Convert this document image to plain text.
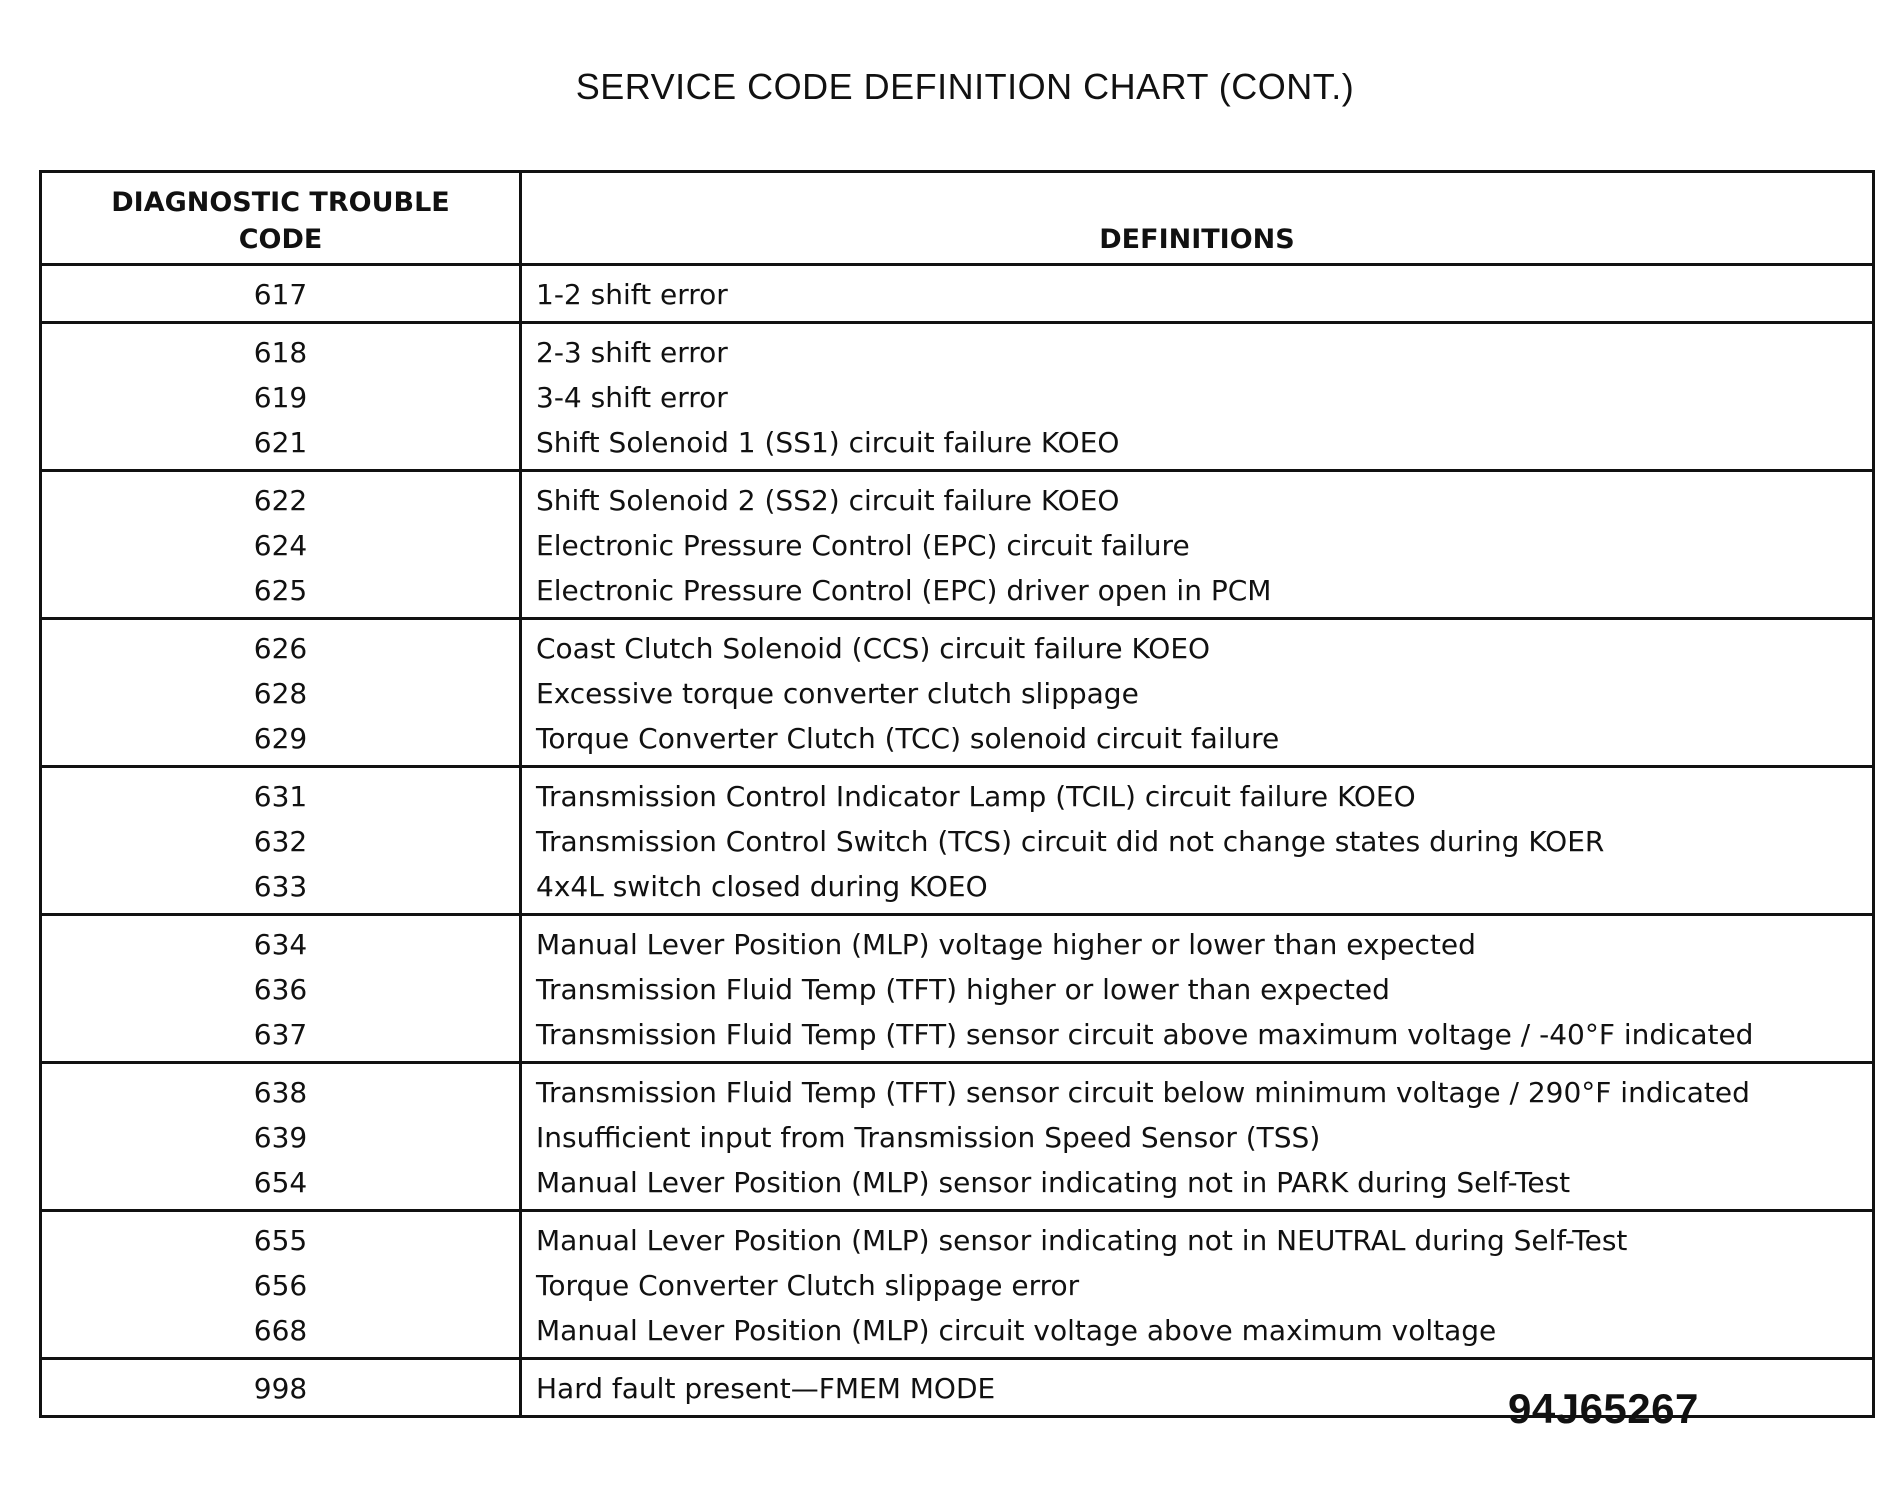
SERVICE CODE DEFINITION CHART (CONT.)
DIAGNOSTIC TROUBLE
CODE	DEFINITIONS
617	1-2 shift error
618	2-3 shift error
619	3-4 shift error
621	Shift Solenoid 1 (SS1) circuit failure KOEO
622	Shift Solenoid 2 (SS2) circuit failure KOEO
624	Electronic Pressure Control (EPC) circuit failure
625	Electronic Pressure Control (EPC) driver open in PCM
626	Coast Clutch Solenoid (CCS) circuit failure KOEO
628	Excessive torque converter clutch slippage
629	Torque Converter Clutch (TCC) solenoid circuit failure
631	Transmission Control Indicator Lamp (TCIL) circuit failure KOEO
632	Transmission Control Switch (TCS) circuit did not change states during KOER
633	4x4L switch closed during KOEO
634	Manual Lever Position (MLP) voltage higher or lower than expected
636	Transmission Fluid Temp (TFT) higher or lower than expected
637	Transmission Fluid Temp (TFT) sensor circuit above maximum voltage / -40°F indicated
638	Transmission Fluid Temp (TFT) sensor circuit below minimum voltage / 290°F indicated
639	Insufficient input from Transmission Speed Sensor (TSS)
654	Manual Lever Position (MLP) sensor indicating not in PARK during Self-Test
655	Manual Lever Position (MLP) sensor indicating not in NEUTRAL during Self-Test
656	Torque Converter Clutch slippage error
668	Manual Lever Position (MLP) circuit voltage above maximum voltage
998	Hard fault present—FMEM MODE	94J65267
